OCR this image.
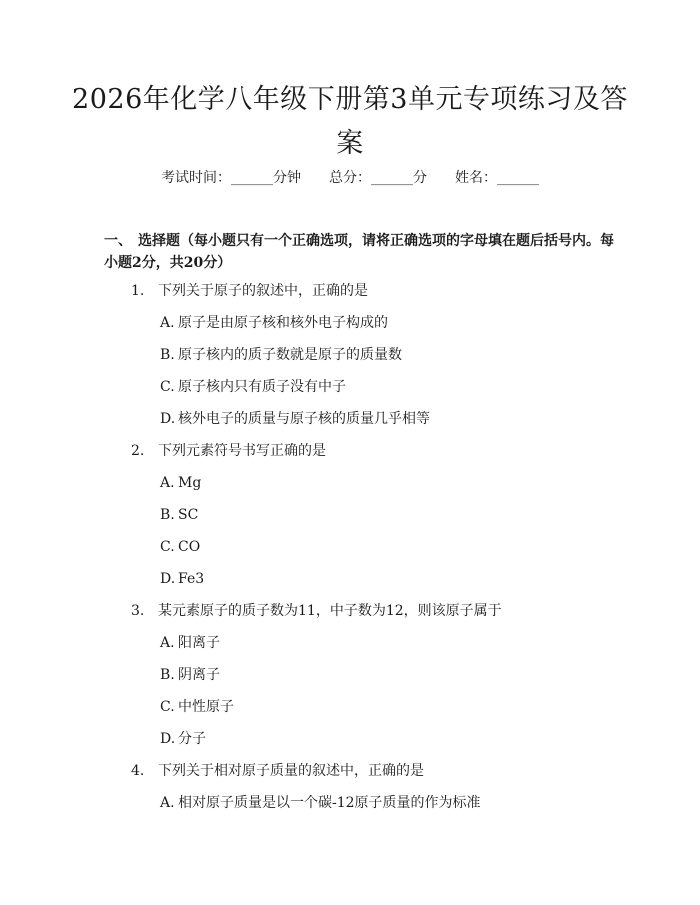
2026年化学八年级下册第3单元专项练习及答案
考试时间：______分钟 总分：______分 姓名：______
一、 选择题（每小题只有一个正确选项，请将正确选项的字母填在题后括号内。每小题2分，共20分）
1. 下列关于原子的叙述中，正确的是
A. 原子是由原子核和核外电子构成的
B. 原子核内的质子数就是原子的质量数
C. 原子核内只有质子没有中子
D. 核外电子的质量与原子核的质量几乎相等
2. 下列元素符号书写正确的是
A. Mg
B. SC
C. CO
D. Fe3
3. 某元素原子的质子数为11，中子数为12，则该原子属于
A. 阳离子
B. 阴离子
C. 中性原子
D. 分子
4. 下列关于相对原子质量的叙述中，正确的是
A. 相对原子质量是以一个碳-12原子质量的作为标准
